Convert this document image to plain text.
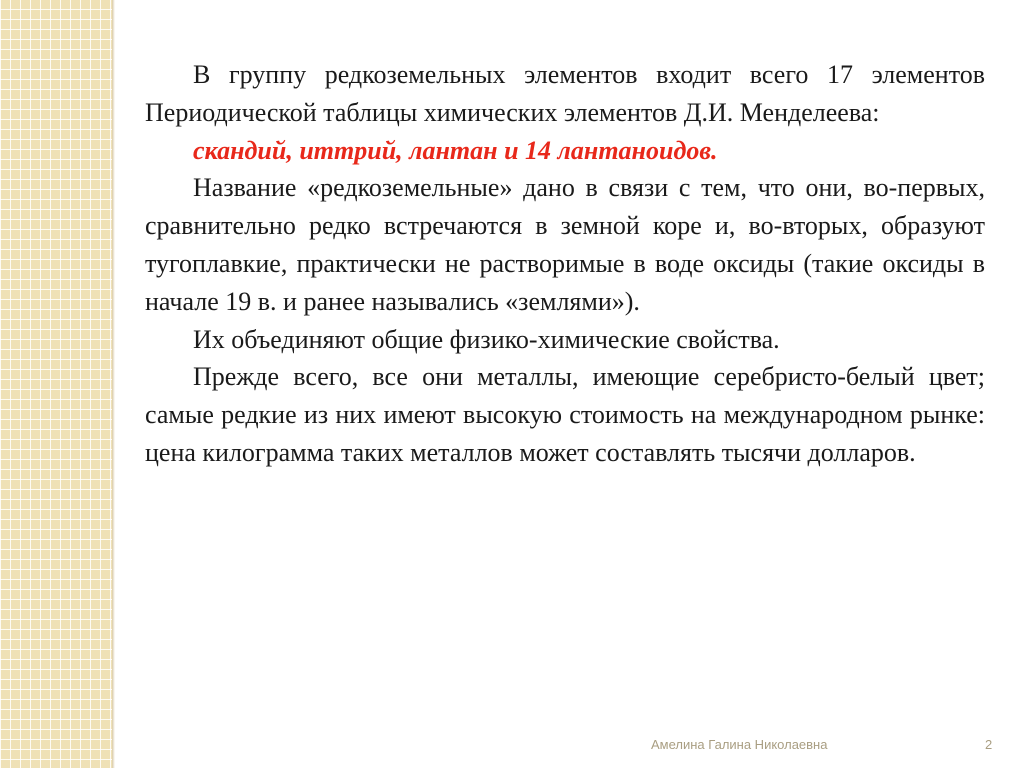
В группу редкоземельных элементов входит всего 17 элементов Периодической таблицы химических элементов Д.И. Менделеева:

скандий, иттрий, лантан и 14 лантаноидов.

Название «редкоземельные» дано в связи с тем, что они, во-первых, сравнительно редко встречаются в земной коре и, во-вторых, образуют тугоплавкие, практически не растворимые в воде оксиды (такие оксиды в начале 19 в. и ранее назывались «землями»).

Их объединяют общие физико-химические свойства.

Прежде всего, все они металлы, имеющие серебристо-белый цвет; самые редкие из них имеют высокую стоимость на международном рынке: цена килограмма таких металлов может составлять тысячи долларов.

Амелина Галина Николаевна	2
